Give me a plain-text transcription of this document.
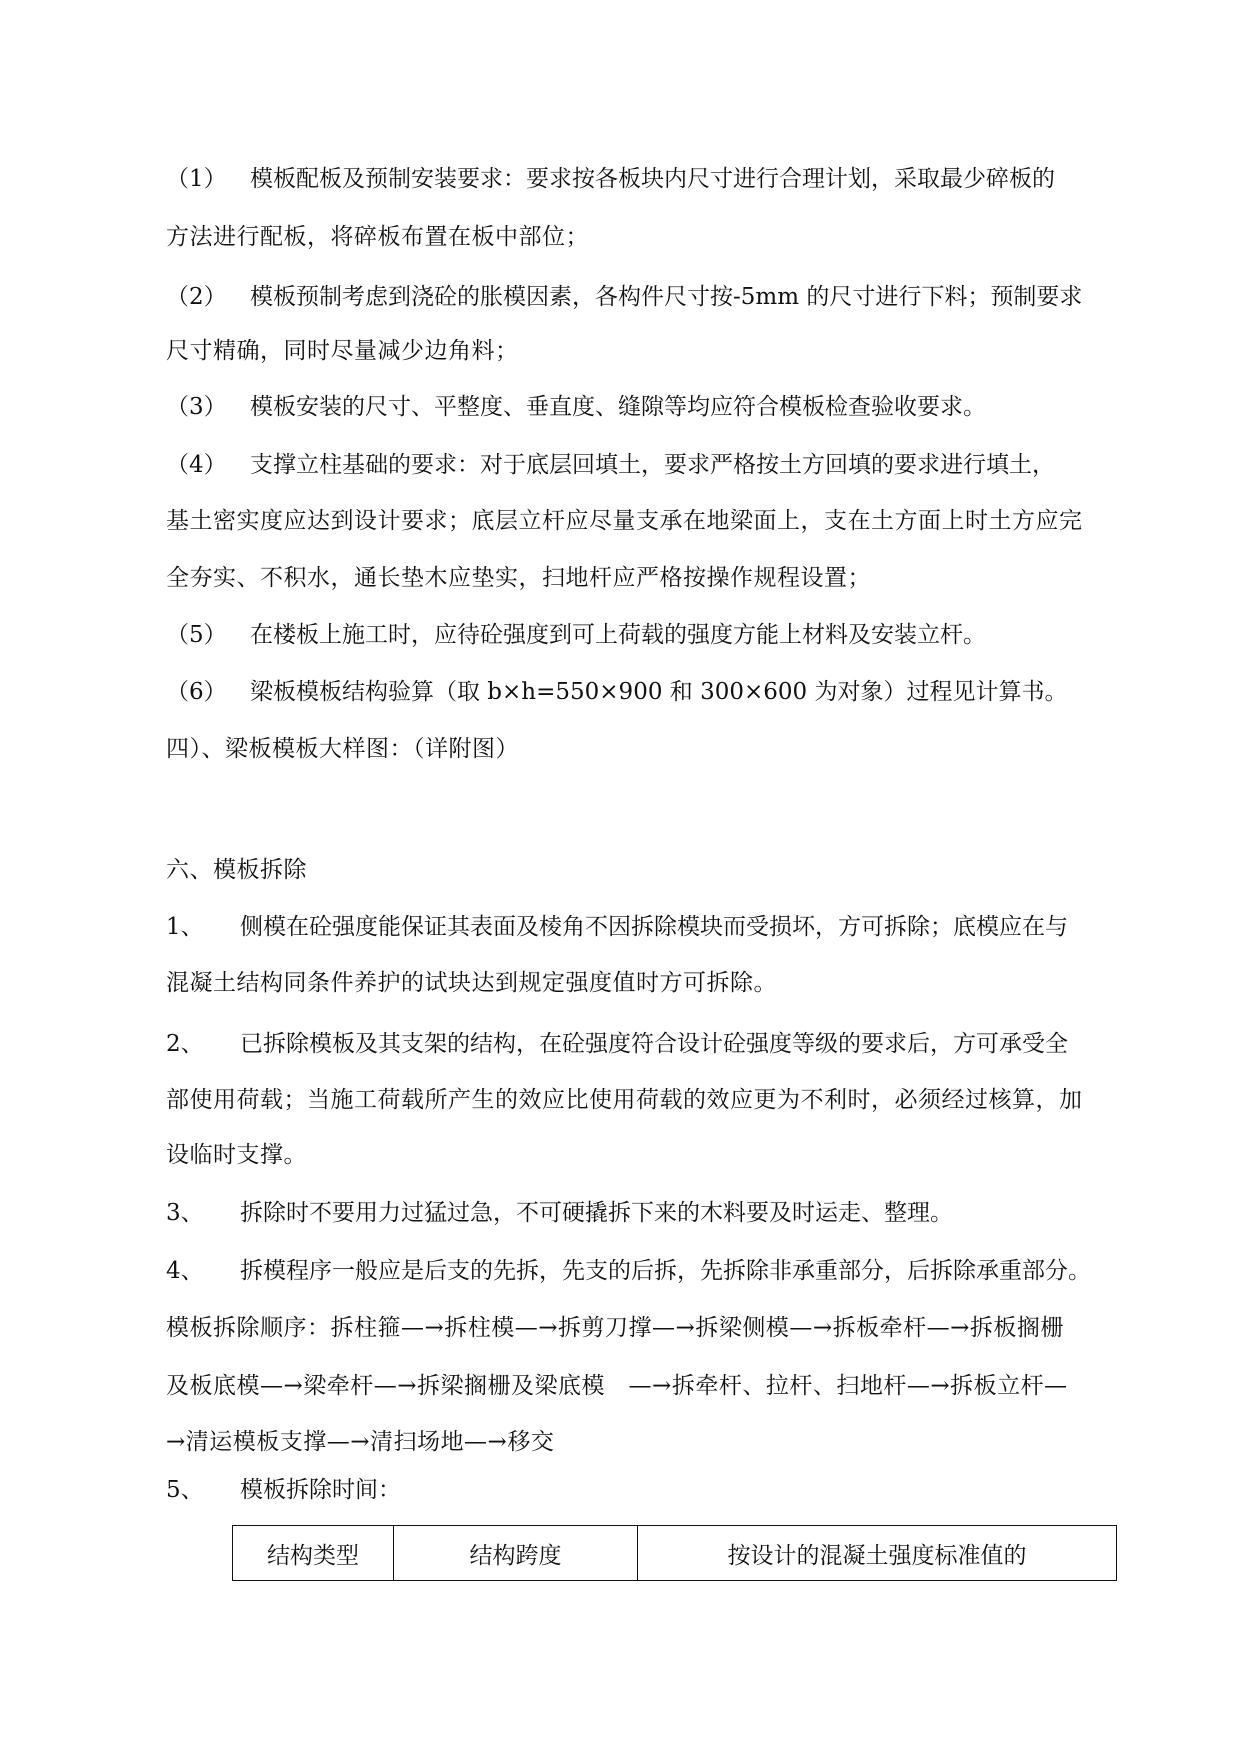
（1） 模板配板及预制安装要求：要求按各板块内尺寸进行合理计划，采取最少碎板的
方法进行配板，将碎板布置在板中部位；
（2） 模板预制考虑到浇砼的胀模因素，各构件尺寸按-5mm 的尺寸进行下料；预制要求
尺寸精确，同时尽量减少边角料；
（3） 模板安装的尺寸、平整度、垂直度、缝隙等均应符合模板检查验收要求。
（4） 支撑立柱基础的要求：对于底层回填土，要求严格按土方回填的要求进行填土，
基土密实度应达到设计要求；底层立杆应尽量支承在地梁面上，支在土方面上时土方应完
全夯实、不积水，通长垫木应垫实，扫地杆应严格按操作规程设置；
（5） 在楼板上施工时，应待砼强度到可上荷载的强度方能上材料及安装立杆。
（6） 梁板模板结构验算（取 b×h=550×900 和 300×600 为对象）过程见计算书。
四）、梁板模板大样图：（详附图）
六、模板拆除
1、 侧模在砼强度能保证其表面及棱角不因拆除模块而受损坏，方可拆除；底模应在与
混凝土结构同条件养护的试块达到规定强度值时方可拆除。
2、 已拆除模板及其支架的结构，在砼强度符合设计砼强度等级的要求后，方可承受全
部使用荷载；当施工荷载所产生的效应比使用荷载的效应更为不利时，必须经过核算，加
设临时支撑。
3、 拆除时不要用力过猛过急，不可硬撬拆下来的木料要及时运走、整理。
4、 拆模程序一般应是后支的先拆，先支的后拆，先拆除非承重部分，后拆除承重部分。
模板拆除顺序：拆柱箍—→拆柱模—→拆剪刀撑—→拆梁侧模—→拆板牵杆—→拆板搁栅
及板底模—→梁牵杆—→拆梁搁栅及梁底模　—→拆牵杆、拉杆、扫地杆—→拆板立杆—
→清运模板支撑—→清扫场地—→移交
5、 模板拆除时间：
结构类型	结构跨度	按设计的混凝土强度标准值的
